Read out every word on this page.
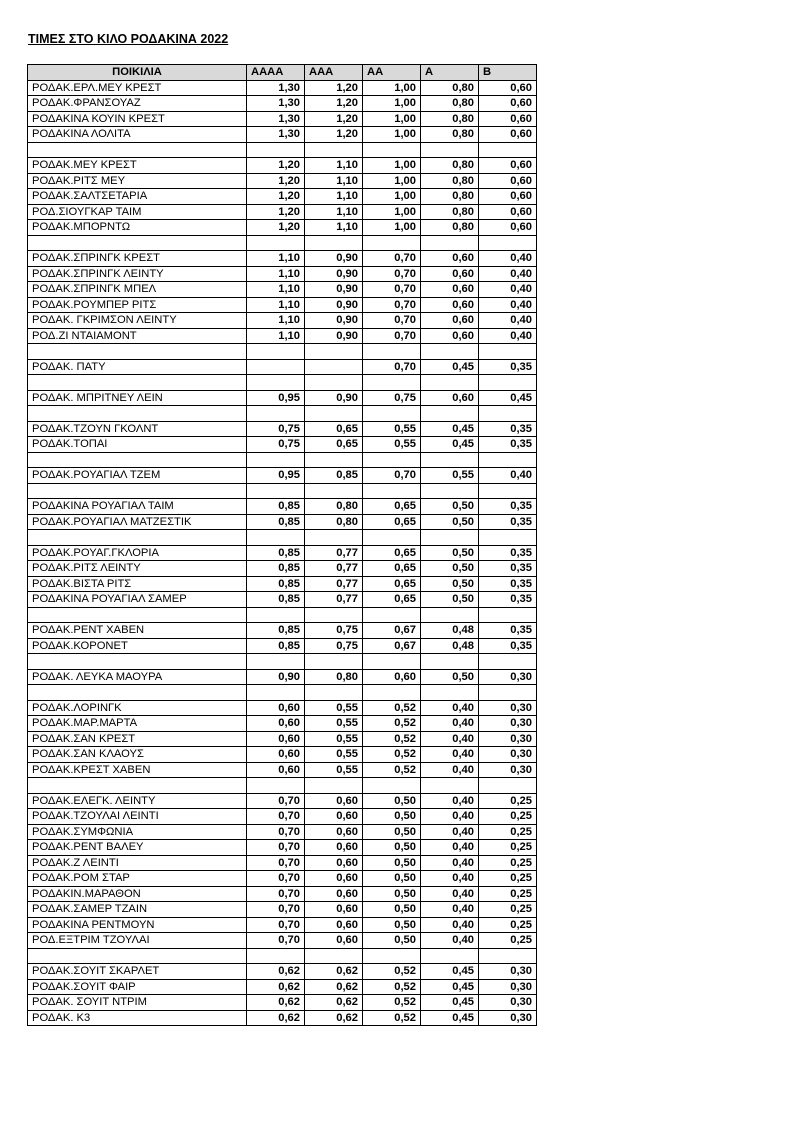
ΤΙΜΕΣ ΣΤΟ ΚΙΛΟ ΡΟΔΑΚΙΝΑ 2022
ΠΟΙΚΙΛΙΑ	ΑΑΑΑ	ΑΑΑ	ΑΑ	Α	Β
ΡΟΔΑΚ.ΕΡΛ.ΜΕΥ ΚΡΕΣΤ	1,30	1,20	1,00	0,80	0,60
ΡΟΔΑΚ.ΦΡΑΝΣΟΥΑΖ	1,30	1,20	1,00	0,80	0,60
ΡΟΔΑΚΙΝΑ ΚΟΥΙΝ ΚΡΕΣΤ	1,30	1,20	1,00	0,80	0,60
ΡΟΔΑΚΙΝΑ ΛΟΛΙΤΑ	1,30	1,20	1,00	0,80	0,60

ΡΟΔΑΚ.ΜΕΥ ΚΡΕΣΤ	1,20	1,10	1,00	0,80	0,60
ΡΟΔΑΚ.ΡΙΤΣ ΜΕΥ	1,20	1,10	1,00	0,80	0,60
ΡΟΔΑΚ.ΣΑΛΤΣΕΤΑΡΙΑ	1,20	1,10	1,00	0,80	0,60
ΡΟΔ.ΣΙΟΥΓΚΑΡ ΤΑΙΜ	1,20	1,10	1,00	0,80	0,60
ΡΟΔΑΚ.ΜΠΟΡΝΤΩ	1,20	1,10	1,00	0,80	0,60

ΡΟΔΑΚ.ΣΠΡΙΝΓΚ ΚΡΕΣΤ	1,10	0,90	0,70	0,60	0,40
ΡΟΔΑΚ.ΣΠΡΙΝΓΚ ΛΕΙΝΤΥ	1,10	0,90	0,70	0,60	0,40
ΡΟΔΑΚ.ΣΠΡΙΝΓΚ ΜΠΕΛ	1,10	0,90	0,70	0,60	0,40
ΡΟΔΑΚ.ΡΟΥΜΠΕΡ ΡΙΤΣ	1,10	0,90	0,70	0,60	0,40
ΡΟΔΑΚ. ΓΚΡΙΜΣΟΝ ΛΕΙΝΤΥ	1,10	0,90	0,70	0,60	0,40
ΡΟΔ.ΖΙ ΝΤΑΙΑΜΟΝΤ	1,10	0,90	0,70	0,60	0,40

ΡΟΔΑΚ. ΠΑΤΥ			0,70	0,45	0,35

ΡΟΔΑΚ. ΜΠΡΙΤΝΕΥ ΛΕΙΝ	0,95	0,90	0,75	0,60	0,45

ΡΟΔΑΚ.ΤΖΟΥΝ ΓΚΟΛΝΤ	0,75	0,65	0,55	0,45	0,35
ΡΟΔΑΚ.ΤΟΠΑΙ	0,75	0,65	0,55	0,45	0,35

ΡΟΔΑΚ.ΡΟΥΑΓΙΑΛ ΤΖΕΜ	0,95	0,85	0,70	0,55	0,40

ΡΟΔΑΚΙΝΑ ΡΟΥΑΓΙΑΛ ΤΑΙΜ	0,85	0,80	0,65	0,50	0,35
ΡΟΔΑΚ.ΡΟΥΑΓΙΑΛ ΜΑΤΖΕΣΤΙΚ	0,85	0,80	0,65	0,50	0,35

ΡΟΔΑΚ.ΡΟΥΑΓ.ΓΚΛΟΡΙΑ	0,85	0,77	0,65	0,50	0,35
ΡΟΔΑΚ.ΡΙΤΣ ΛΕΙΝΤΥ	0,85	0,77	0,65	0,50	0,35
ΡΟΔΑΚ.ΒΙΣΤΑ ΡΙΤΣ	0,85	0,77	0,65	0,50	0,35
ΡΟΔΑΚΙΝΑ ΡΟΥΑΓΙΑΛ ΣΑΜΕΡ	0,85	0,77	0,65	0,50	0,35

ΡΟΔΑΚ.ΡΕΝΤ ΧΑΒΕΝ	0,85	0,75	0,67	0,48	0,35
ΡΟΔΑΚ.ΚΟΡΟΝΕΤ	0,85	0,75	0,67	0,48	0,35

ΡΟΔΑΚ. ΛΕΥΚΑ ΜΑΟΥΡΑ	0,90	0,80	0,60	0,50	0,30

ΡΟΔΑΚ.ΛΟΡΙΝΓΚ	0,60	0,55	0,52	0,40	0,30
ΡΟΔΑΚ.ΜΑΡ.ΜΑΡΤΑ	0,60	0,55	0,52	0,40	0,30
ΡΟΔΑΚ.ΣΑΝ ΚΡΕΣΤ	0,60	0,55	0,52	0,40	0,30
ΡΟΔΑΚ.ΣΑΝ ΚΛΑΟΥΣ	0,60	0,55	0,52	0,40	0,30
ΡΟΔΑΚ.ΚΡΕΣΤ ΧΑΒΕΝ	0,60	0,55	0,52	0,40	0,30

ΡΟΔΑΚ.ΕΛΕΓΚ. ΛΕΙΝΤΥ	0,70	0,60	0,50	0,40	0,25
ΡΟΔΑΚ.ΤΖΟΥΛΑΙ ΛΕΙΝΤΙ	0,70	0,60	0,50	0,40	0,25
ΡΟΔΑΚ.ΣΥΜΦΩΝΙΑ	0,70	0,60	0,50	0,40	0,25
ΡΟΔΑΚ.ΡΕΝΤ ΒΑΛΕΥ	0,70	0,60	0,50	0,40	0,25
ΡΟΔΑΚ.Ζ ΛΕΙΝΤΙ	0,70	0,60	0,50	0,40	0,25
ΡΟΔΑΚ.ΡΟΜ ΣΤΑΡ	0,70	0,60	0,50	0,40	0,25
ΡΟΔΑΚΙΝ.ΜΑΡΑΘΟΝ	0,70	0,60	0,50	0,40	0,25
ΡΟΔΑΚ.ΣΑΜΕΡ ΤΖΑΙΝ	0,70	0,60	0,50	0,40	0,25
ΡΟΔΑΚΙΝΑ ΡΕΝΤΜΟΥΝ	0,70	0,60	0,50	0,40	0,25
ΡΟΔ.ΕΞΤΡΙΜ ΤΖΟΥΛΑΙ	0,70	0,60	0,50	0,40	0,25

ΡΟΔΑΚ.ΣΟΥΙΤ ΣΚΑΡΛΕΤ	0,62	0,62	0,52	0,45	0,30
ΡΟΔΑΚ.ΣΟΥΙΤ ΦΑΙΡ	0,62	0,62	0,52	0,45	0,30
ΡΟΔΑΚ. ΣΟΥΙΤ ΝΤΡΙΜ	0,62	0,62	0,52	0,45	0,30
ΡΟΔΑΚ. Κ3	0,62	0,62	0,52	0,45	0,30
